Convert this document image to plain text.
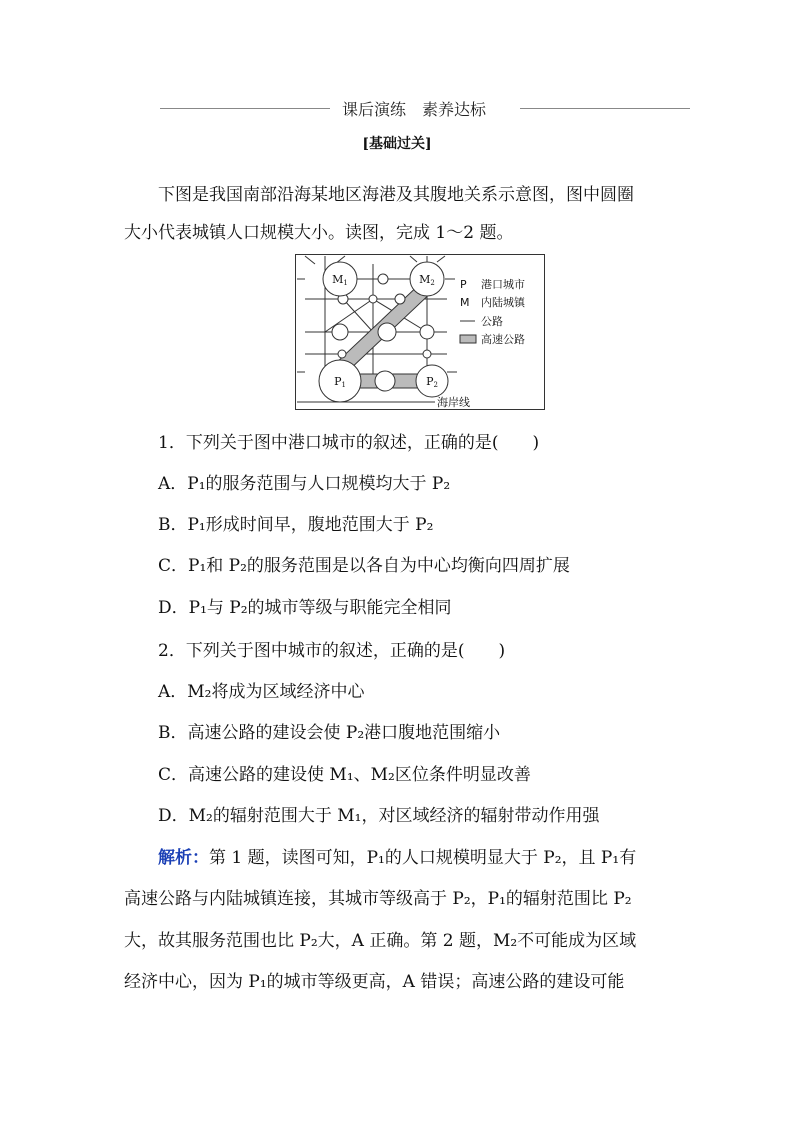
课后演练　素养达标
[基础过关]
下图是我国南部沿海某地区海港及其腹地关系示意图，图中圆圈
大小代表城镇人口规模大小。读图，完成 1～2 题。
M1	M2
P1	P2
海岸线
P 港口城市
M 内陆城镇
公路
高速公路
1．下列关于图中港口城市的叙述，正确的是(　　)
A．P₁的服务范围与人口规模均大于 P₂
B．P₁形成时间早，腹地范围大于 P₂
C．P₁和 P₂的服务范围是以各自为中心均衡向四周扩展
D．P₁与 P₂的城市等级与职能完全相同
2．下列关于图中城市的叙述，正确的是(　　)
A．M₂将成为区域经济中心
B．高速公路的建设会使 P₂港口腹地范围缩小
C．高速公路的建设使 M₁、M₂区位条件明显改善
D．M₂的辐射范围大于 M₁，对区域经济的辐射带动作用强
解析：第 1 题，读图可知，P₁的人口规模明显大于 P₂，且 P₁有
高速公路与内陆城镇连接，其城市等级高于 P₂，P₁的辐射范围比 P₂
大，故其服务范围也比 P₂大，A 正确。第 2 题，M₂不可能成为区域
经济中心，因为 P₁的城市等级更高，A 错误；高速公路的建设可能
